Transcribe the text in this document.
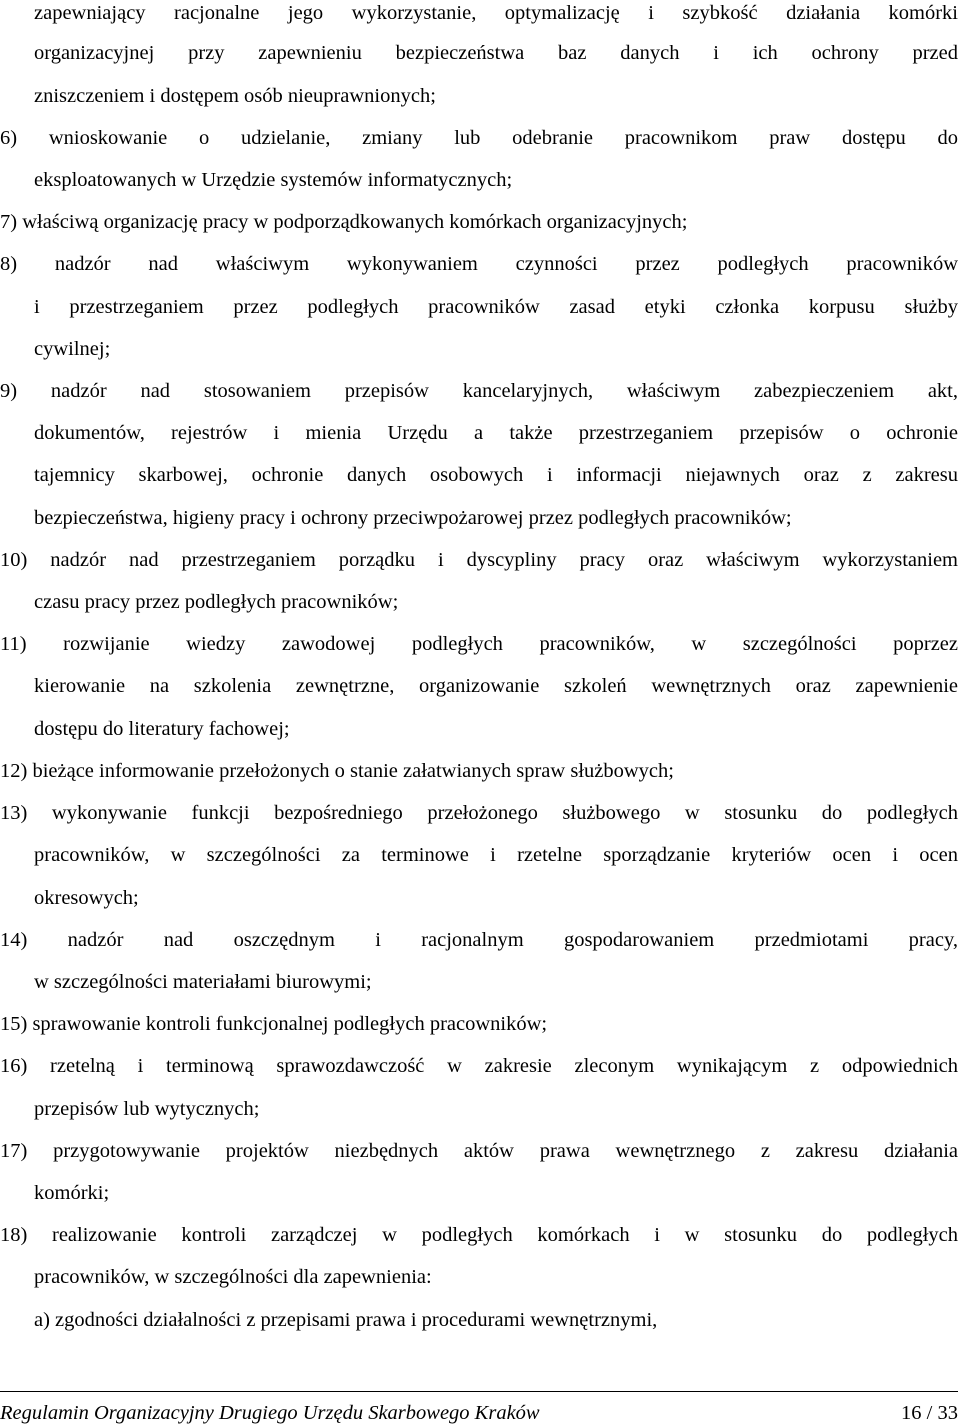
zapewniający racjonalne jego wykorzystanie, optymalizację i szybkość działania komórki
organizacyjnej przy zapewnieniu bezpieczeństwa baz danych i ich ochrony przed
zniszczeniem i dostępem osób nieuprawnionych;
6) wnioskowanie o udzielanie, zmiany lub odebranie pracownikom praw dostępu do
eksploatowanych w Urzędzie systemów informatycznych;
7) właściwą organizację pracy w podporządkowanych komórkach organizacyjnych;
8) nadzór nad właściwym wykonywaniem czynności przez podległych pracowników
i przestrzeganiem przez podległych pracowników zasad etyki członka korpusu służby
cywilnej;
9) nadzór nad stosowaniem przepisów kancelaryjnych, właściwym zabezpieczeniem akt,
dokumentów, rejestrów i mienia Urzędu a także przestrzeganiem przepisów o ochronie
tajemnicy skarbowej, ochronie danych osobowych i informacji niejawnych oraz z zakresu
bezpieczeństwa, higieny pracy i ochrony przeciwpożarowej przez podległych pracowników;
10) nadzór nad przestrzeganiem porządku i dyscypliny pracy oraz właściwym wykorzystaniem
czasu pracy przez podległych pracowników;
11) rozwijanie wiedzy zawodowej podległych pracowników, w szczególności poprzez
kierowanie na szkolenia zewnętrzne, organizowanie szkoleń wewnętrznych oraz zapewnienie
dostępu do literatury fachowej;
12) bieżące informowanie przełożonych o stanie załatwianych spraw służbowych;
13) wykonywanie funkcji bezpośredniego przełożonego służbowego w stosunku do podległych
pracowników, w szczególności za terminowe i rzetelne sporządzanie kryteriów ocen i ocen
okresowych;
14) nadzór nad oszczędnym i racjonalnym gospodarowaniem przedmiotami pracy,
w szczególności materiałami biurowymi;
15) sprawowanie kontroli funkcjonalnej podległych pracowników;
16) rzetelną i terminową sprawozdawczość w zakresie zleconym wynikającym z odpowiednich
przepisów lub wytycznych;
17) przygotowywanie projektów niezbędnych aktów prawa wewnętrznego z zakresu działania
komórki;
18) realizowanie kontroli zarządczej w podległych komórkach i w stosunku do podległych
pracowników, w szczególności dla zapewnienia:
a) zgodności działalności z przepisami prawa i procedurami wewnętrznymi,
Regulamin Organizacyjny Drugiego Urzędu Skarbowego Kraków	16 / 33
